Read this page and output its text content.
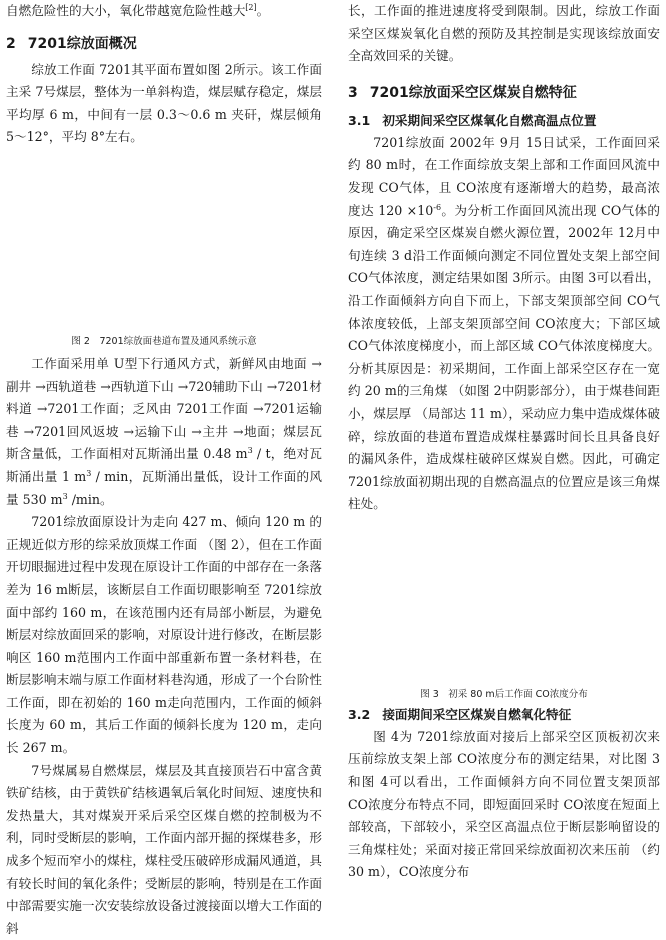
自燃危险性的大小，氧化带越宽危险性越大[2]。

2 7201综放面概况

综放工作面 7201其平面布置如图 2所示。该工作面主采 7号煤层，整体为一单斜构造，煤层赋存稳定，煤层平均厚 6 m，中间有一层 0.3～0.6 m 夹矸，煤层倾角 5～12°，平均 8°左右。

图 2　7201综放面巷道布置及通风系统示意

工作面采用单 U型下行通风方式，新鲜风由地面 →副井 →西轨道巷 →西轨道下山 →720辅助下山 →7201材料道 →7201工作面；乏风由 7201工作面 →7201运输巷 →7201回风返坡 →运输下山 →主井 →地面；煤层瓦斯含量低，工作面相对瓦斯涌出量 0.48 $m^3$ / t，绝对瓦斯涌出量 1 $m^3$ / min，瓦斯涌出量低，设计工作面的风量 530 $m^3$ /min。

7201综放面原设计为走向 427 m、倾向 120 m 的正规近似方形的综采放顶煤工作面 （图 2），但在工作面开切眼掘进过程中发现在原设计工作面的中部存在一条落差为 16 m断层，该断层自工作面切眼影响至 7201综放面中部约 160 m，在该范围内还有局部小断层，为避免断层对综放面回采的影响，对原设计进行修改，在断层影响区 160 m范围内工作面中部重新布置一条材料巷，在断层影响末端与原工作面材料巷沟通，形成了一个台阶性工作面，即在初始的 160 m走向范围内，工作面的倾斜长度为 60 m，其后工作面的倾斜长度为 120 m，走向长 267 m。

7号煤属易自燃煤层，煤层及其直接顶岩石中富含黄铁矿结核，由于黄铁矿结核遇氧后氧化时间短、速度快和发热量大，其对煤炭开采后采空区煤自燃的控制极为不利，同时受断层的影响，工作面内部开掘的探煤巷多，形成多个短而窄小的煤柱，煤柱受压破碎形成漏风通道，具有较长时间的氧化条件；受断层的影响，特别是在工作面中部需要实施一次安装综放设备过渡接面以增大工作面的斜

长，工作面的推进速度将受到限制。因此，综放工作面采空区煤炭氧化自燃的预防及其控制是实现该综放面安全高效回采的关键。

3 7201综放面采空区煤炭自燃特征
3.1 初采期间采空区煤氧化自燃高温点位置

7201综放面 2002年 9月 15日试采，工作面回采约 80 m时，在工作面综放支架上部和工作面回风流中发现 CO气体，且 CO浓度有逐渐增大的趋势，最高浓度达 $120 \times 10^{-6}$。为分析工作面回风流出现 CO气体的原因，确定采空区煤炭自燃火源位置，2002年 12月中旬连续 3 d沿工作面倾向测定不同位置处支架上部空间 CO气体浓度，测定结果如图 3所示。由图 3可以看出，沿工作面倾斜方向自下而上，下部支架顶部空间 CO气体浓度较低，上部支架顶部空间 CO浓度大；下部区域 CO气体浓度梯度小，而上部区域 CO气体浓度梯度大。分析其原因是：初采期间，工作面上部采空区存在一宽约 20 m的三角煤 （如图 2中阴影部分），由于煤巷间距小，煤层厚 （局部达 11 m），采动应力集中造成煤体破碎，综放面的巷道布置造成煤柱暴露时间长且具备良好的漏风条件，造成煤柱破碎区煤炭自燃。因此，可确定 7201综放面初期出现的自燃高温点的位置应是该三角煤柱处。

图 3　初采 80 m后工作面 CO浓度分布
3.2 接面期间采空区煤炭自燃氧化特征

图 4为 7201综放面对接后上部采空区顶板初次来压前综放支架上部 CO浓度分布的测定结果，对比图 3和图 4可以看出，工作面倾斜方向不同位置支架顶部 CO浓度分布特点不同，即短面回采时 CO浓度在短面上部较高，下部较小，采空区高温点位于断层影响留设的三角煤柱处；采面对接正常回采综放面初次来压前 （约 30 m），CO浓度分布
